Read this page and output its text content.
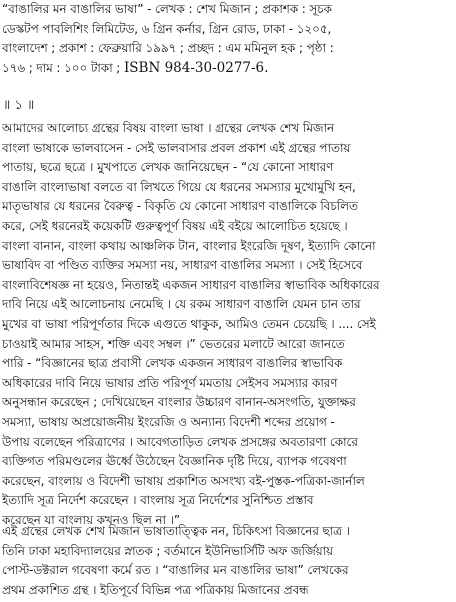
“বাঙালির মন বাঙালির ভাষা” - লেখক : শেখ মিজান ; প্রকাশক : সূচক
ডেস্কটপ পাবলিশিং লিমিটেড, ৬ গ্রিন কর্নার, গ্রিন রোড, ঢাকা - ১২০৫,
বাংলাদেশ ; প্রকাশ : ফেব্রুয়ারি ১৯৯৭ ; প্রচ্ছদ : এম মমিনুল হক ; পৃষ্ঠা :
১৭৬ ; দাম : ১০০ টাকা ; ISBN 984-30-0277-6.
॥ ১ ॥
আমাদের আলোচ্য গ্রন্থের বিষয় বাংলা ভাষা । গ্রন্থের লেখক শেখ মিজান
বাংলা ভাষাকে ভালবাসেন - সেই ভালবাসার প্রবল প্রকাশ এই গ্রন্থের পাতায়
পাতায়, ছত্রে ছত্রে । মুখপাতে লেখক জানিয়েছেন - “যে কোনো সাধারণ
বাঙালি বাংলাভাষা বলতে বা লিখতে গিয়ে যে ধরনের সমস্যার মুখোমুখি হন,
মাতৃভাষার যে ধরনের বৈরুত্ব - বিকৃতি যে কোনো সাধারণ বাঙালিকে বিচলিত
করে, সেই ধরনেরই কয়েকটি গুরুত্বপূর্ণ বিষয় এই বইয়ে আলোচিত হয়েছে ।
বাংলা বানান, বাংলা কথায় আঞ্চলিক টান, বাংলার ইংরেজি দূষণ, ইত্যাদি কোনো
ভাষাবিদ বা পণ্ডিত ব্যক্তির সমস্যা নয়, সাধারণ বাঙালির সমস্যা । সেই হিসেবে
বাংলাবিশেষজ্ঞ না হয়েও, নিতান্তই একজন সাধারণ বাঙালির স্বাভাবিক অধিকারের
দাবি নিয়ে এই আলোচনায় নেমেছি । যে রকম সাধারণ বাঙালি যেমন চান তার
মুখের বা ভাষা পরিপূর্ণতার দিকে এগুতে থাকুক, আমিও তেমন চেয়েছি । .... সেই
চাওয়াই আমার সাহস, শক্তি এবং সম্বল ।” ভেতরের মলাটে আরো জানতে
পারি - “বিজ্ঞানের ছাত্র প্রবাসী লেখক একজন সাধারণ বাঙালির স্বাভাবিক
অধিকারের দাবি নিয়ে ভাষার প্রতি পরিপূর্ণ মমতায় সেইসব সমস্যার কারণ
অনুসন্ধান করেছেন ; দেখিয়েছেন বাংলার উচ্চারণ বানান-অসংগতি, যুক্তাক্ষর
সমস্যা, ভাষায় অপ্রয়োজনীয় ইংরেজি ও অন্যান্য বিদেশী শব্দের প্রয়োগ -
উপায় বলেছেন পরিত্রাণের । আবেগতাড়িত লেখক প্রসঙ্গের অবতারণা কোরে
ব্যক্তিগত পরিমণ্ডলের ঊর্ধ্বে উঠেছেন বৈজ্ঞানিক দৃষ্টি দিয়ে, ব্যাপক গবেষণা
করেছেন, বাংলায় ও বিদেশী ভাষায় প্রকাশিত অসংখ্য বই-পুস্তক-পত্রিকা-জার্নাল
ইত্যাদি সূত্র নির্দেশ করেছেন । বাংলায় সূত্র নির্দেশের সুনিশ্চিত প্রস্তাব
করেছেন যা বাংলায় কখনও ছিল না ।”
এই গ্রন্থের লেখক শেখ মিজান ভাষাতাত্ত্বিক নন, চিকিৎসা বিজ্ঞানের ছাত্র ।
তিনি ঢাকা মহাবিদ্যালয়ের স্নাতক ; বর্তমানে ইউনিভার্সিটি অফ জর্জিয়ায়
পোস্ট-ডক্টরাল গবেষণা কর্মে রত । “বাঙালির মন বাঙালির ভাষা” লেখকের
প্রথম প্রকাশিত গ্রন্থ । ইতিপূর্বে বিভিন্ন পত্র পত্রিকায় মিজানের প্রবন্ধ
